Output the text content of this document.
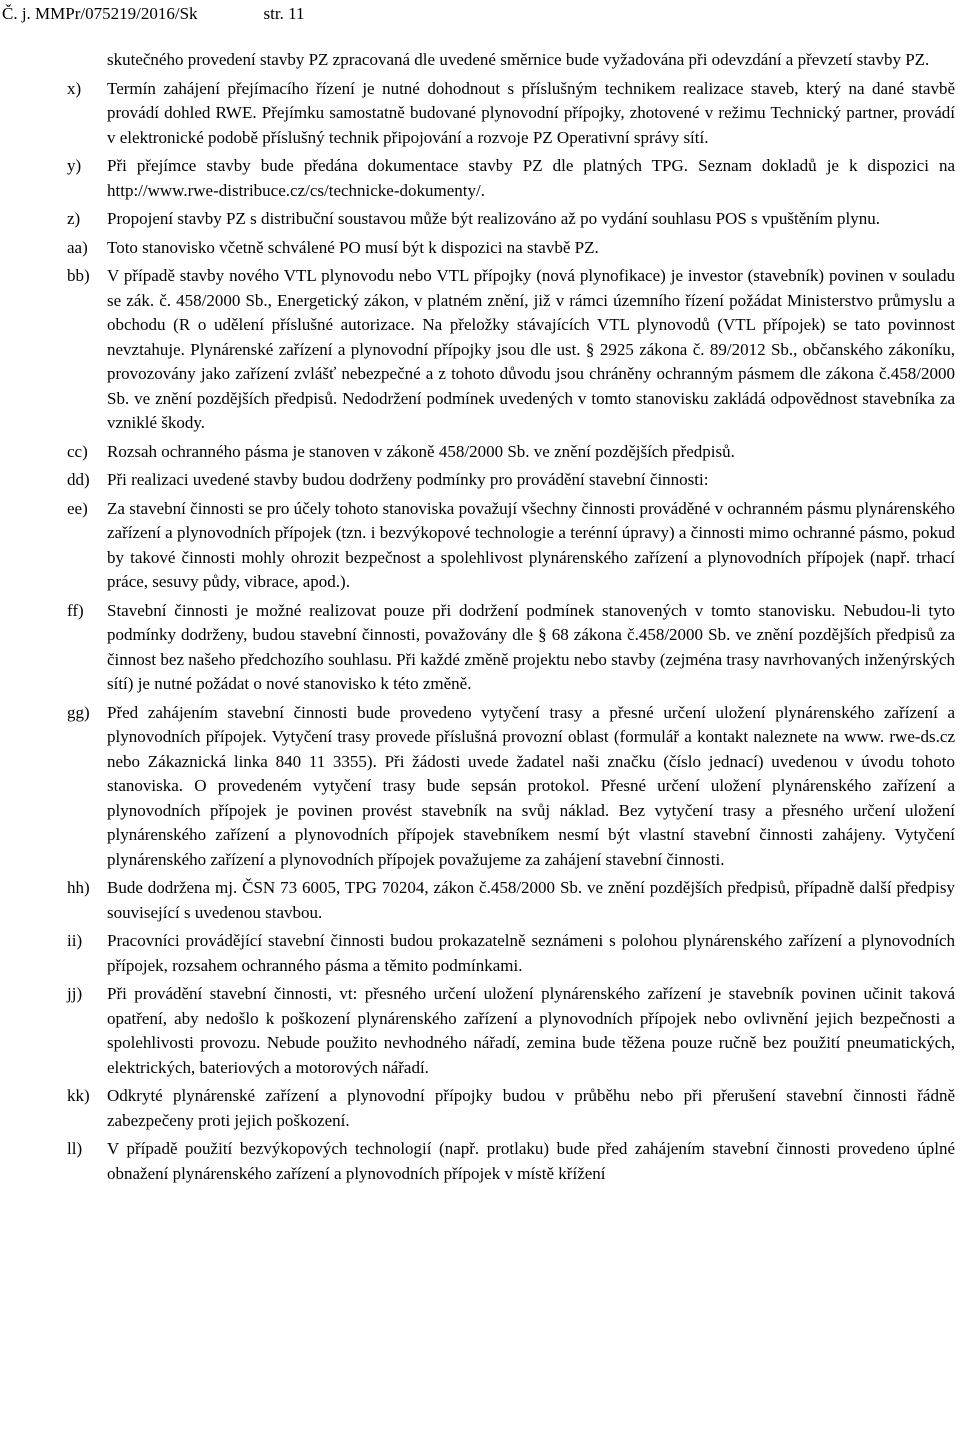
Č. j. MMPr/075219/2016/Sk	str. 11

skutečného provedení stavby PZ zpracovaná dle uvedené směrnice bude vyžadována při odevzdání a převzetí stavby PZ.

x)	Termín zahájení přejímacího řízení je nutné dohodnout s příslušným technikem realizace staveb, který na dané stavbě provádí dohled RWE. Přejímku samostatně budované plynovodní přípojky, zhotovené v režimu Technický partner, provádí v elektronické podobě příslušný technik připojování a rozvoje PZ Operativní správy sítí.
y)	Při přejímce stavby bude předána dokumentace stavby PZ dle platných TPG. Seznam dokladů je k dispozici na http://www.rwe-distribuce.cz/cs/technicke-dokumenty/.
z)	Propojení stavby PZ s distribuční soustavou může být realizováno až po vydání souhlasu POS s vpuštěním plynu.
aa)	Toto stanovisko včetně schválené PO musí být k dispozici na stavbě PZ.
bb)	V případě stavby nového VTL plynovodu nebo VTL přípojky (nová plynofikace) je investor (stavebník) povinen v souladu se zák. č. 458/2000 Sb., Energetický zákon, v platném znění, již v rámci územního řízení požádat Ministerstvo průmyslu a obchodu (R o udělení příslušné autorizace. Na přeložky stávajících VTL plynovodů (VTL přípojek) se tato povinnost nevztahuje. Plynárenské zařízení a plynovodní přípojky jsou dle ust. § 2925 zákona č. 89/2012 Sb., občanského zákoníku, provozovány jako zařízení zvlášť nebezpečné a z tohoto důvodu jsou chráněny ochranným pásmem dle zákona č.458/2000 Sb. ve znění pozdějších předpisů. Nedodržení podmínek uvedených v tomto stanovisku zakládá odpovědnost stavebníka za vzniklé škody.
cc)	Rozsah ochranného pásma je stanoven v zákoně 458/2000 Sb. ve znění pozdějších předpisů.
dd)	Při realizaci uvedené stavby budou dodrženy podmínky pro provádění stavební činnosti:
ee)	Za stavební činnosti se pro účely tohoto stanoviska považují všechny činnosti prováděné v ochranném pásmu plynárenského zařízení a plynovodních přípojek (tzn. i bezvýkopové technologie a terénní úpravy) a činnosti mimo ochranné pásmo, pokud by takové činnosti mohly ohrozit bezpečnost a spolehlivost plynárenského zařízení a plynovodních přípojek (např. trhací práce, sesuvy půdy, vibrace, apod.).
ff)	Stavební činnosti je možné realizovat pouze při dodržení podmínek stanovených v tomto stanovisku. Nebudou-li tyto podmínky dodrženy, budou stavební činnosti, považovány dle § 68 zákona č.458/2000 Sb. ve znění pozdějších předpisů za činnost bez našeho předchozího souhlasu. Při každé změně projektu nebo stavby (zejména trasy navrhovaných inženýrských sítí) je nutné požádat o nové stanovisko k této změně.
gg)	Před zahájením stavební činnosti bude provedeno vytyčení trasy a přesné určení uložení plynárenského zařízení a plynovodních přípojek. Vytyčení trasy provede příslušná provozní oblast (formulář a kontakt naleznete na www. rwe-ds.cz nebo Zákaznická linka 840 11 3355). Při žádosti uvede žadatel naši značku (číslo jednací) uvedenou v úvodu tohoto stanoviska. O provedeném vytyčení trasy bude sepsán protokol. Přesné určení uložení plynárenského zařízení a plynovodních přípojek je povinen provést stavebník na svůj náklad. Bez vytyčení trasy a přesného určení uložení plynárenského zařízení a plynovodních přípojek stavebníkem nesmí být vlastní stavební činnosti zahájeny. Vytyčení plynárenského zařízení a plynovodních přípojek považujeme za zahájení stavební činnosti.
hh)	Bude dodržena mj. ČSN 73 6005, TPG 70204, zákon č.458/2000 Sb. ve znění pozdějších předpisů, případně další předpisy související s uvedenou stavbou.
ii)	Pracovníci provádějící stavební činnosti budou prokazatelně seznámeni s polohou plynárenského zařízení a plynovodních přípojek, rozsahem ochranného pásma a těmito podmínkami.
jj)	Při provádění stavební činnosti, vt: přesného určení uložení plynárenského zařízení je stavebník povinen učinit taková opatření, aby nedošlo k poškození plynárenského zařízení a plynovodních přípojek nebo ovlivnění jejich bezpečnosti a spolehlivosti provozu. Nebude použito nevhodného nářadí, zemina bude těžena pouze ručně bez použití pneumatických, elektrických, bateriových a motorových nářadí.
kk)	Odkryté plynárenské zařízení a plynovodní přípojky budou v průběhu nebo při přerušení stavební činnosti řádně zabezpečeny proti jejich poškození.
ll)	V případě použití bezvýkopových technologií (např. protlaku) bude před zahájením stavební činnosti provedeno úplné obnažení plynárenského zařízení a plynovodních přípojek v místě křížení
